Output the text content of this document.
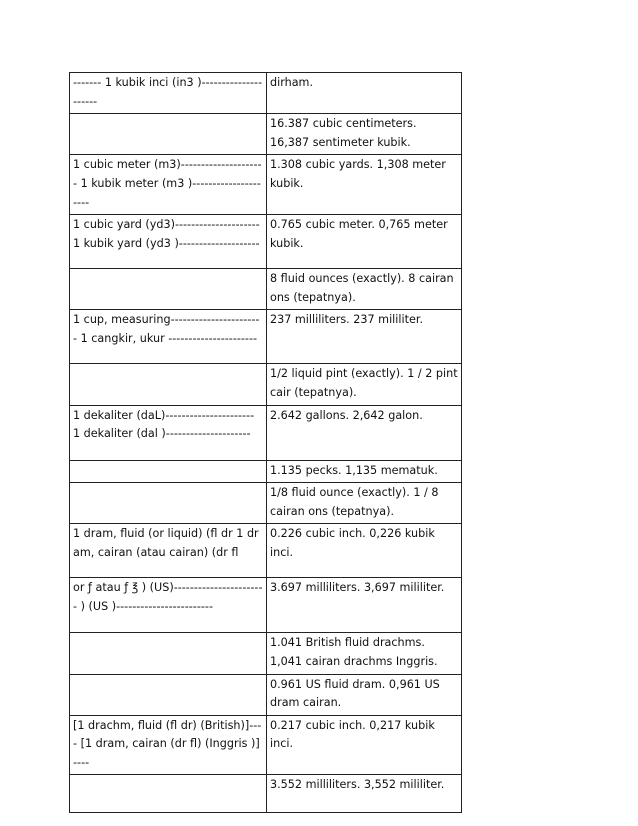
------- 1 kubik inci (in3 )---------------------	dirham.
	16.387 cubic centimeters. 16,387 sentimeter kubik.
1 cubic meter (m3)--------------------- 1 kubik meter (m3 )---------------------	1.308 cubic yards. 1,308 meter kubik.
1 cubic yard (yd3)--------------------- 1 kubik yard (yd3 )--------------------	0.765 cubic meter. 0,765 meter kubik.
	8 fluid ounces (exactly). 8 cairan ons (tepatnya).
1 cup, measuring----------------------- 1 cangkir, ukur ----------------------	237 milliliters. 237 mililiter.
	1/2 liquid pint (exactly). 1 / 2 pint cair (tepatnya).
1 dekaliter (daL)---------------------- 1 dekaliter (dal )---------------------	2.642 gallons. 2,642 galon.
	1.135 pecks. 1,135 mematuk.
	1/8 fluid ounce (exactly). 1 / 8 cairan ons (tepatnya).
1 dram, fluid (or liquid) (fl dr 1 dram, cairan (atau cairan) (dr fl	0.226 cubic inch. 0,226 kubik inci.
or ƒ atau ƒ ℥ ) (US)----------------------- ) (US )------------------------	3.697 milliliters. 3,697 mililiter.
	1.041 British fluid drachms. 1,041 cairan drachms Inggris.
	0.961 US fluid dram. 0,961 US dram cairan.
[1 drachm, fluid (fl dr) (British)]---- [1 dram, cairan (dr fl) (Inggris )]----	0.217 cubic inch. 0,217 kubik inci.
	3.552 milliliters. 3,552 mililiter.
